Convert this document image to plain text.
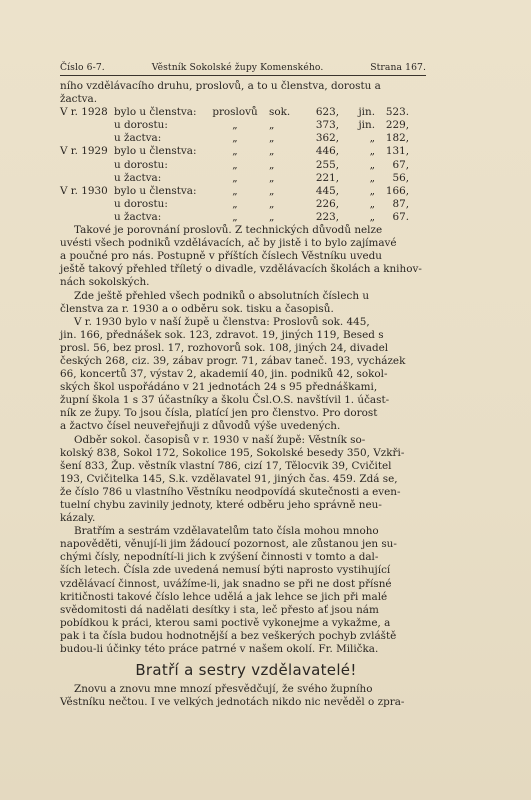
Číslo 6-7.	Věstník Sokolské župy Komenského.	Strana 167.
ního vzdělávacího druhu, proslovů, a to u členstva, dorostu a
žactva.
V r. 1928 bylo u členstva:	proslovů	sok.	623,	jin.	523.
u dorostu:	„	„	373,	jin.	229,
u žactva:	„	„	362,	„	182,
V r. 1929 bylo u členstva:	„	„	446,	„	131,
u dorostu:	„	„	255,	„	67,
u žactva:	„	„	221,	„	56,
V r. 1930 bylo u členstva:	„	„	445,	„	166,
u dorostu:	„	„	226,	„	87,
u žactva:	„	„	223,	„	67.
Takové je porovnání proslovů. Z technických důvodů nelze
uvésti všech podniků vzdělávacích, ač by jistě i to bylo zajímavé
a poučné pro nás. Postupně v příštích číslech Věstníku uvedu
ještě takový přehled tříletý o divadle, vzdělávacích školách a knihov-
nách sokolských.
Zde ještě přehled všech podniků o absolutních číslech u
členstva za r. 1930 a o odběru sok. tisku a časopisů.
V r. 1930 bylo v naší župě u členstva: Proslovů sok. 445,
jin. 166, přednášek sok. 123, zdravot. 19, jiných 119, Besed s
prosl. 56, bez prosl. 17, rozhovorů sok. 108, jiných 24, divadel
českých 268, ciz. 39, zábav progr. 71, zábav taneč. 193, vycházek
66, koncertů 37, výstav 2, akademií 40, jin. podniků 42, sokol-
ských škol uspořádáno v 21 jednotách 24 s 95 přednáškami,
župní škola 1 s 37 účastníky a školu Čsl.O.S. navštívil 1. účast-
ník ze župy. To jsou čísla, platící jen pro členstvo. Pro dorost
a žactvo čísel neuveřejňuji z důvodů výše uvedených.
Odběr sokol. časopisů v r. 1930 v naší župě: Věstník so-
kolský 838, Sokol 172, Sokolice 195, Sokolské besedy 350, Vzkři-
šení 833, Žup. věstník vlastní 786, cizí 17, Tělocvik 39, Cvičitel
193, Cvičitelka 145, S.k. vzdělavatel 91, jiných čas. 459. Zdá se,
že číslo 786 u vlastního Věstníku neodpovídá skutečnosti a even-
tuelní chybu zavinily jednoty, které odběru jeho správně neu-
kázaly.
Bratřím a sestrám vzdělavatelům tato čísla mohou mnoho
napověděti, věnují-li jim žádoucí pozornost, ale zůstanou jen su-
chými čísly, nepodnítí-li jich k zvýšení činnosti v tomto a dal-
ších letech. Čísla zde uvedená nemusí býti naprosto vystihující
vzdělávací činnost, uvážíme-li, jak snadno se při ne dost přísné
kritičnosti takové číslo lehce udělá a jak lehce se jich při malé
svědomitosti dá nadělati desítky i sta, leč přesto ať jsou nám
pobídkou k práci, kterou sami poctivě vykonejme a vykažme, a
pak i ta čísla budou hodnotnější a bez veškerých pochyb zvláště
budou-li účinky této práce patrné v našem okolí. Fr. Milička.
Bratří a sestry vzdělavatelé!
Znovu a znovu mne mnozí přesvědčují, že svého župního
Věstníku nečtou. I ve velkých jednotách nikdo nic nevěděl o zpra-
